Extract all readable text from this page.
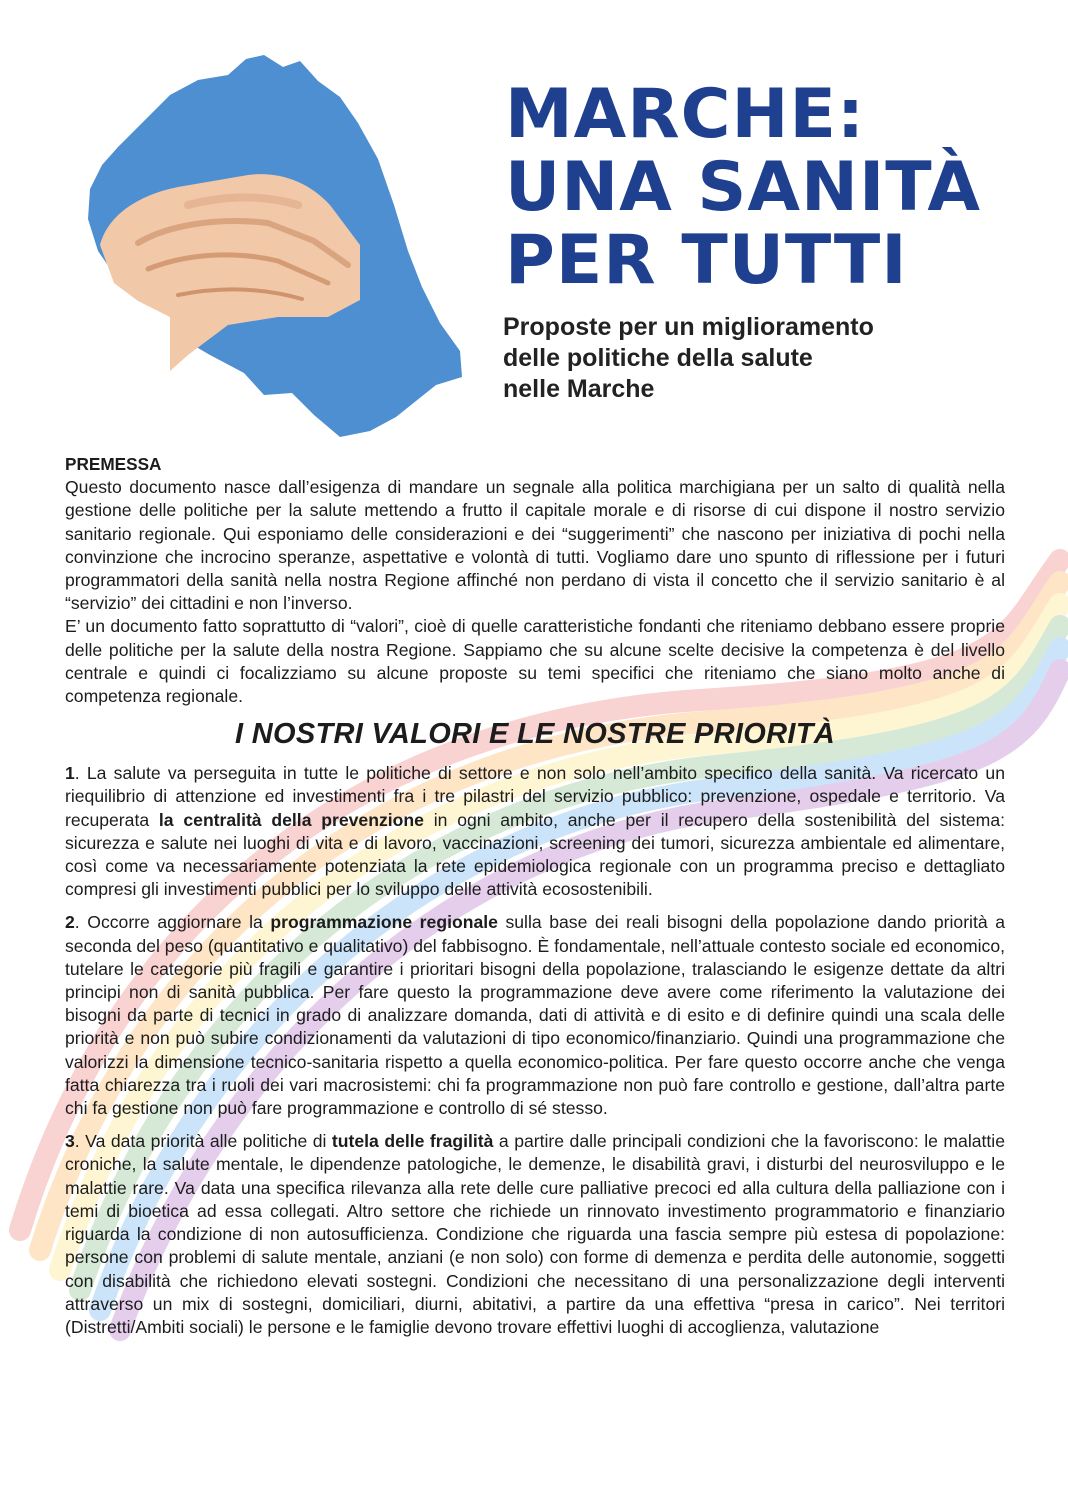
MARCHE:
UNA SANITÀ
PER TUTTI
Proposte per un miglioramento
delle politiche della salute
nelle Marche

PREMESSA

Questo documento nasce dall’esigenza di mandare un segnale alla politica marchigiana per un salto di qualità nella gestione delle politiche per la salute mettendo a frutto il capitale morale e di risorse di cui dispone il nostro servizio sanitario regionale. Qui esponiamo delle considerazioni e dei “suggerimenti” che nascono per iniziativa di pochi nella convinzione che incrocino speranze, aspettative e volontà di tutti. Vogliamo dare uno spunto di riflessione per i futuri programmatori della sanità nella nostra Regione affinché non perdano di vista il concetto che il servizio sanitario è al “servizio” dei cittadini e non l’inverso.

E’ un documento fatto soprattutto di “valori”, cioè di quelle caratteristiche fondanti che riteniamo debbano essere proprie delle politiche per la salute della nostra Regione. Sappiamo che su alcune scelte decisive la competenza è del livello centrale e quindi ci focalizziamo su alcune proposte su temi specifici che riteniamo che siano molto anche di competenza regionale.

I NOSTRI VALORI E LE NOSTRE PRIORITÀ

1. La salute va perseguita in tutte le politiche di settore e non solo nell’ambito specifico della sanità. Va ricercato un riequilibrio di attenzione ed investimenti fra i tre pilastri del servizio pubblico: prevenzione, ospedale e territorio. Va recuperata la centralità della prevenzione in ogni ambito, anche per il recupero della sostenibilità del sistema: sicurezza e salute nei luoghi di vita e di lavoro, vaccinazioni, screening dei tumori, sicurezza ambientale ed alimentare, così come va necessariamente potenziata la rete epidemiologica regionale con un programma preciso e dettagliato compresi gli investimenti pubblici per lo sviluppo delle attività ecosostenibili.

2. Occorre aggiornare la programmazione regionale sulla base dei reali bisogni della popolazione dando priorità a seconda del peso (quantitativo e qualitativo) del fabbisogno. È fondamentale, nell’attuale contesto sociale ed economico, tutelare le categorie più fragili e garantire i prioritari bisogni della popolazione, tralasciando le esigenze dettate da altri principi non di sanità pubblica. Per fare questo la programmazione deve avere come riferimento la valutazione dei bisogni da parte di tecnici in grado di analizzare domanda, dati di attività e di esito e di definire quindi una scala delle priorità e non può subire condizionamenti da valutazioni di tipo economico/finanziario. Quindi una programmazione che valorizzi la dimensione tecnico-sanitaria rispetto a quella economico-politica. Per fare questo occorre anche che venga fatta chiarezza tra i ruoli dei vari macrosistemi: chi fa programmazione non può fare controllo e gestione, dall’altra parte chi fa gestione non può fare programmazione e controllo di sé stesso.

3. Va data priorità alle politiche di tutela delle fragilità a partire dalle principali condizioni che la favoriscono: le malattie croniche, la salute mentale, le dipendenze patologiche, le demenze, le disabilità gravi, i disturbi del neurosviluppo e le malattie rare. Va data una specifica rilevanza alla rete delle cure palliative precoci ed alla cultura della palliazione con i temi di bioetica ad essa collegati. Altro settore che richiede un rinnovato investimento programmatorio e finanziario riguarda la condizione di non autosufficienza. Condizione che riguarda una fascia sempre più estesa di popolazione: persone con problemi di salute mentale, anziani (e non solo) con forme di demenza e perdita delle autonomie, soggetti con disabilità che richiedono elevati sostegni. Condizioni che necessitano di una personalizzazione degli interventi attraverso un mix di sostegni, domiciliari, diurni, abitativi, a partire da una effettiva “presa in carico”. Nei territori (Distretti/Ambiti sociali) le persone e le famiglie devono trovare effettivi luoghi di accoglienza, valutazione
